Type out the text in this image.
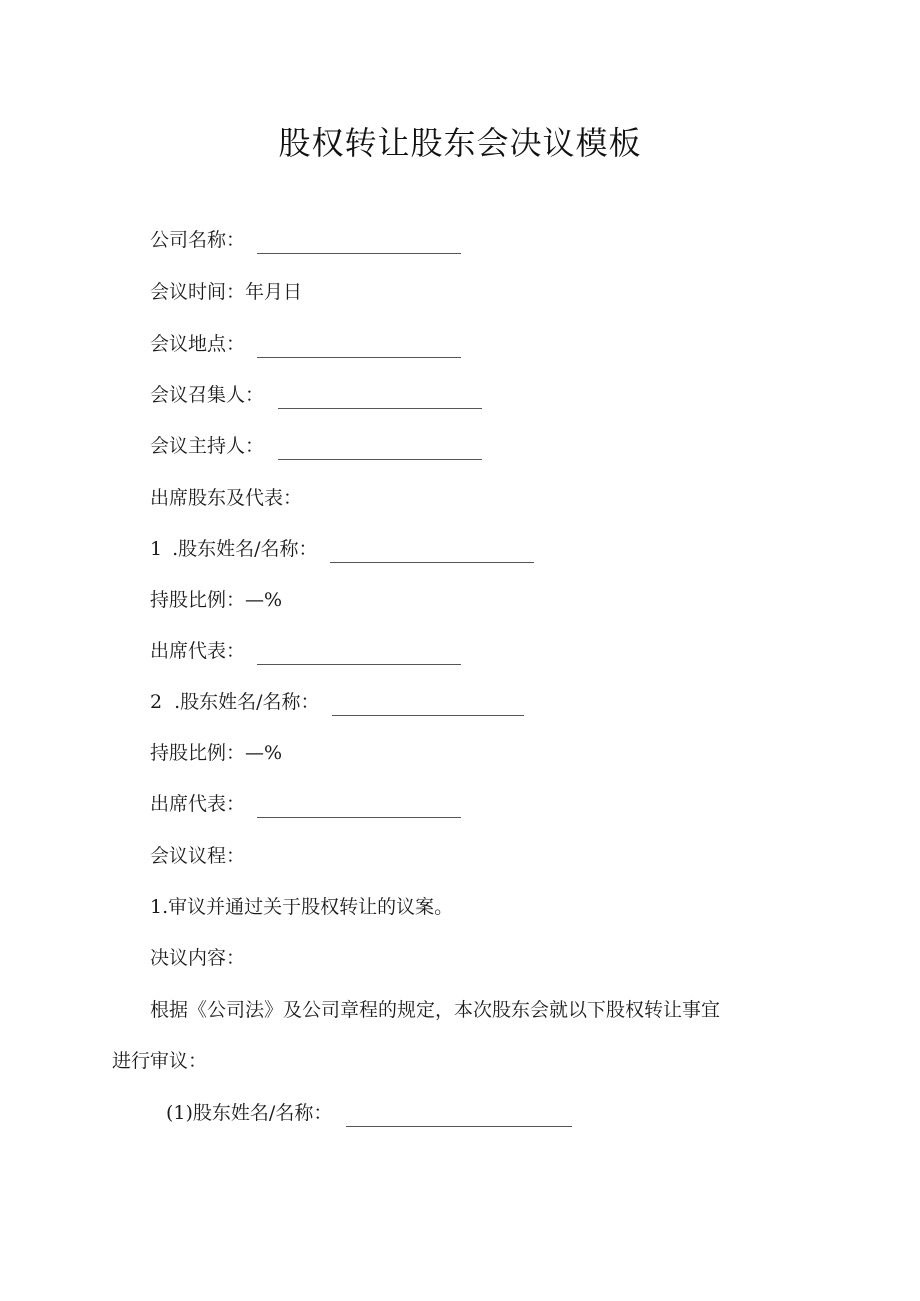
股权转让股东会决议模板
公司名称：
会议时间：年月日
会议地点：
会议召集人：
会议主持人：
出席股东及代表：
1 .股东姓名/名称：
持股比例：—%
出席代表：
2 .股东姓名/名称：
持股比例：—%
出席代表：
会议议程：
1.审议并通过关于股权转让的议案。
决议内容：
根据《公司法》及公司章程的规定，本次股东会就以下股权转让事宜
进行审议：
(1)股东姓名/名称：
